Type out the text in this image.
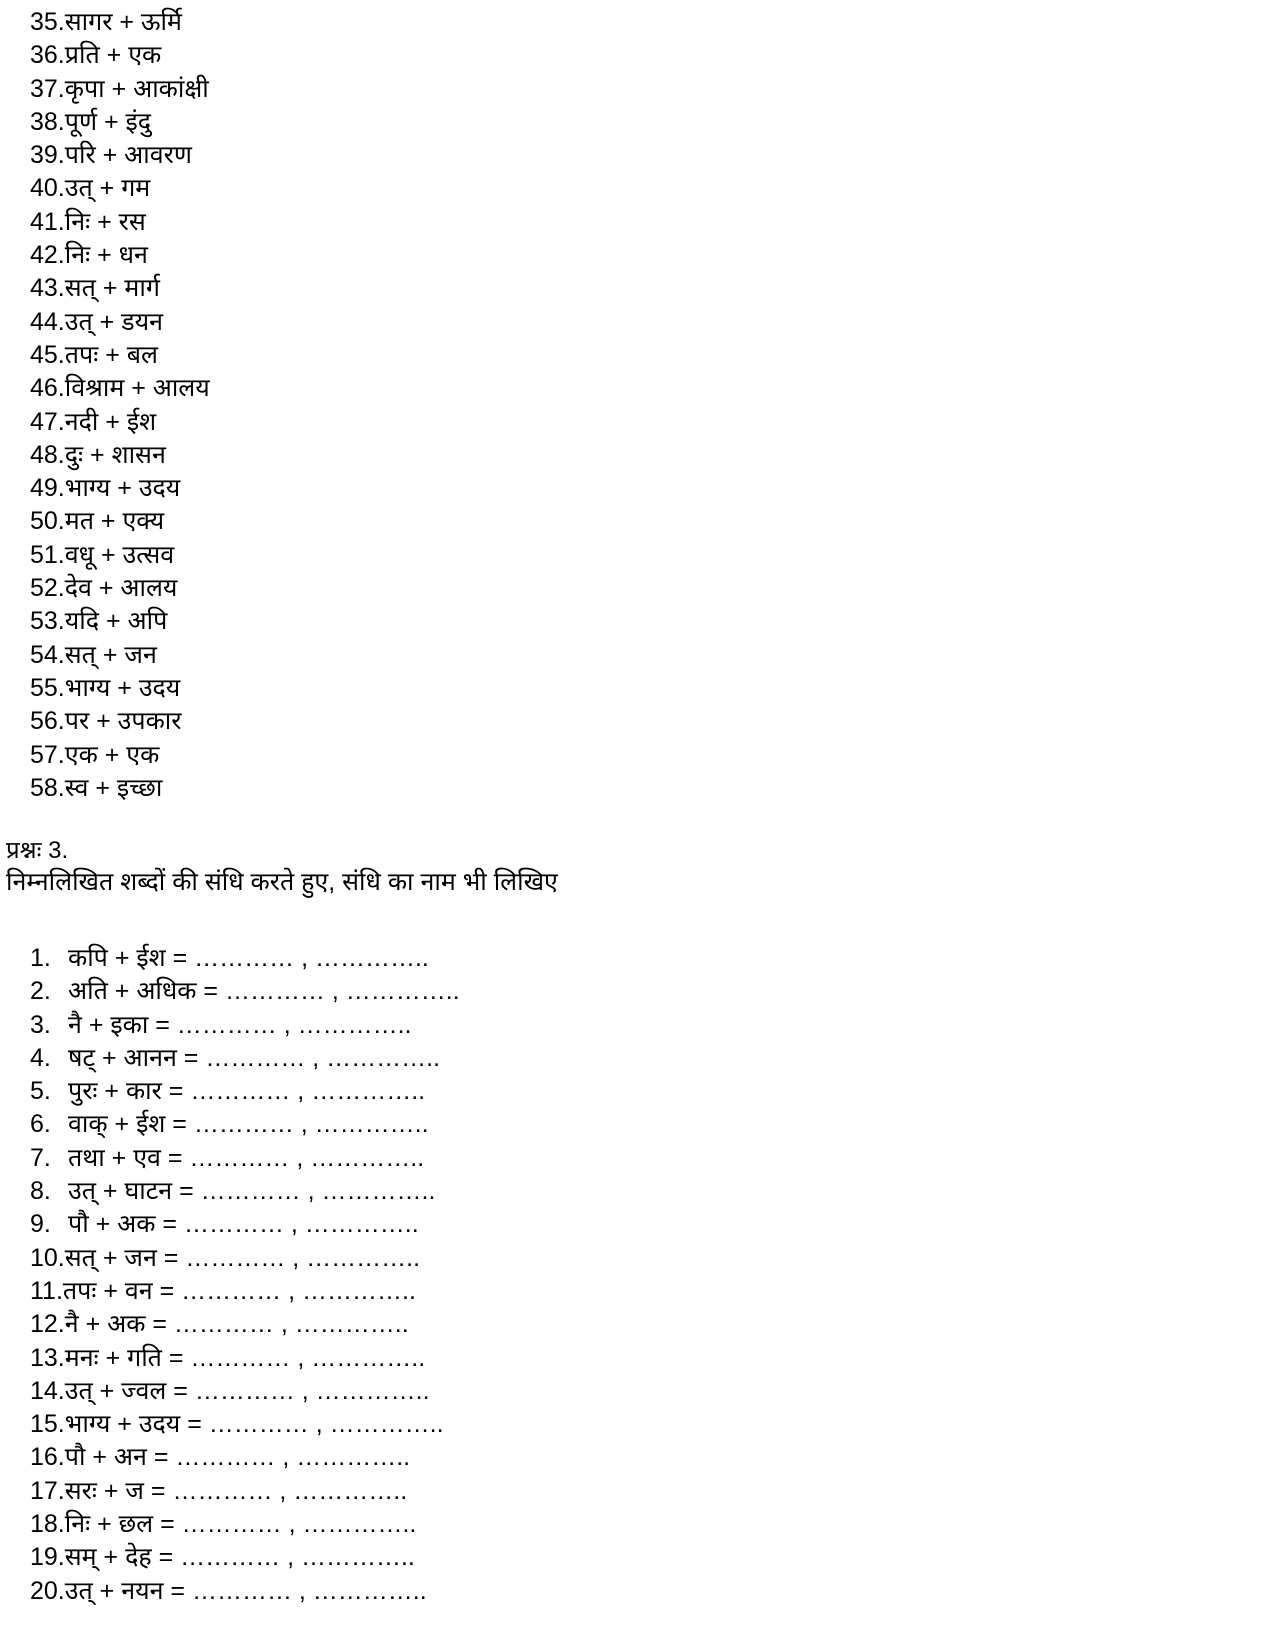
35.सागर + ऊर्मि
36.प्रति + एक
37.कृपा + आकांक्षी
38.पूर्ण + इंदु
39.परि + आवरण
40.उत् + गम
41.निः + रस
42.निः + धन
43.सत् + मार्ग
44.उत् + डयन
45.तपः + बल
46.विश्राम + आलय
47.नदी + ईश
48.दुः + शासन
49.भाग्य + उदय
50.मत + एक्य
51.वधू + उत्सव
52.देव + आलय
53.यदि + अपि
54.सत् + जन
55.भाग्य + उदय
56.पर + उपकार
57.एक + एक
58.स्व + इच्छा
प्रश्नः 3.
निम्नलिखित शब्दों की संधि करते हुए, संधि का नाम भी लिखिए
1. कपि + ईश = ………… , …………..
2. अति + अधिक = ………… , …………..
3. नै + इका = ………… , …………..
4. षट् + आनन = ………… , …………..
5. पुरः + कार = ………… , …………..
6. वाक् + ईश = ………… , …………..
7. तथा + एव = ………… , …………..
8. उत् + घाटन = ………… , …………..
9. पौ + अक = ………… , …………..
10.सत् + जन = ………… , …………..
11.तपः + वन = ………… , …………..
12.नै + अक = ………… , …………..
13.मनः + गति = ………… , …………..
14.उत् + ज्वल = ………… , …………..
15.भाग्य + उदय = ………… , …………..
16.पौ + अन = ………… , …………..
17.सरः + ज = ………… , …………..
18.निः + छल = ………… , …………..
19.सम् + देह = ………… , …………..
20.उत् + नयन = ………… , …………..
